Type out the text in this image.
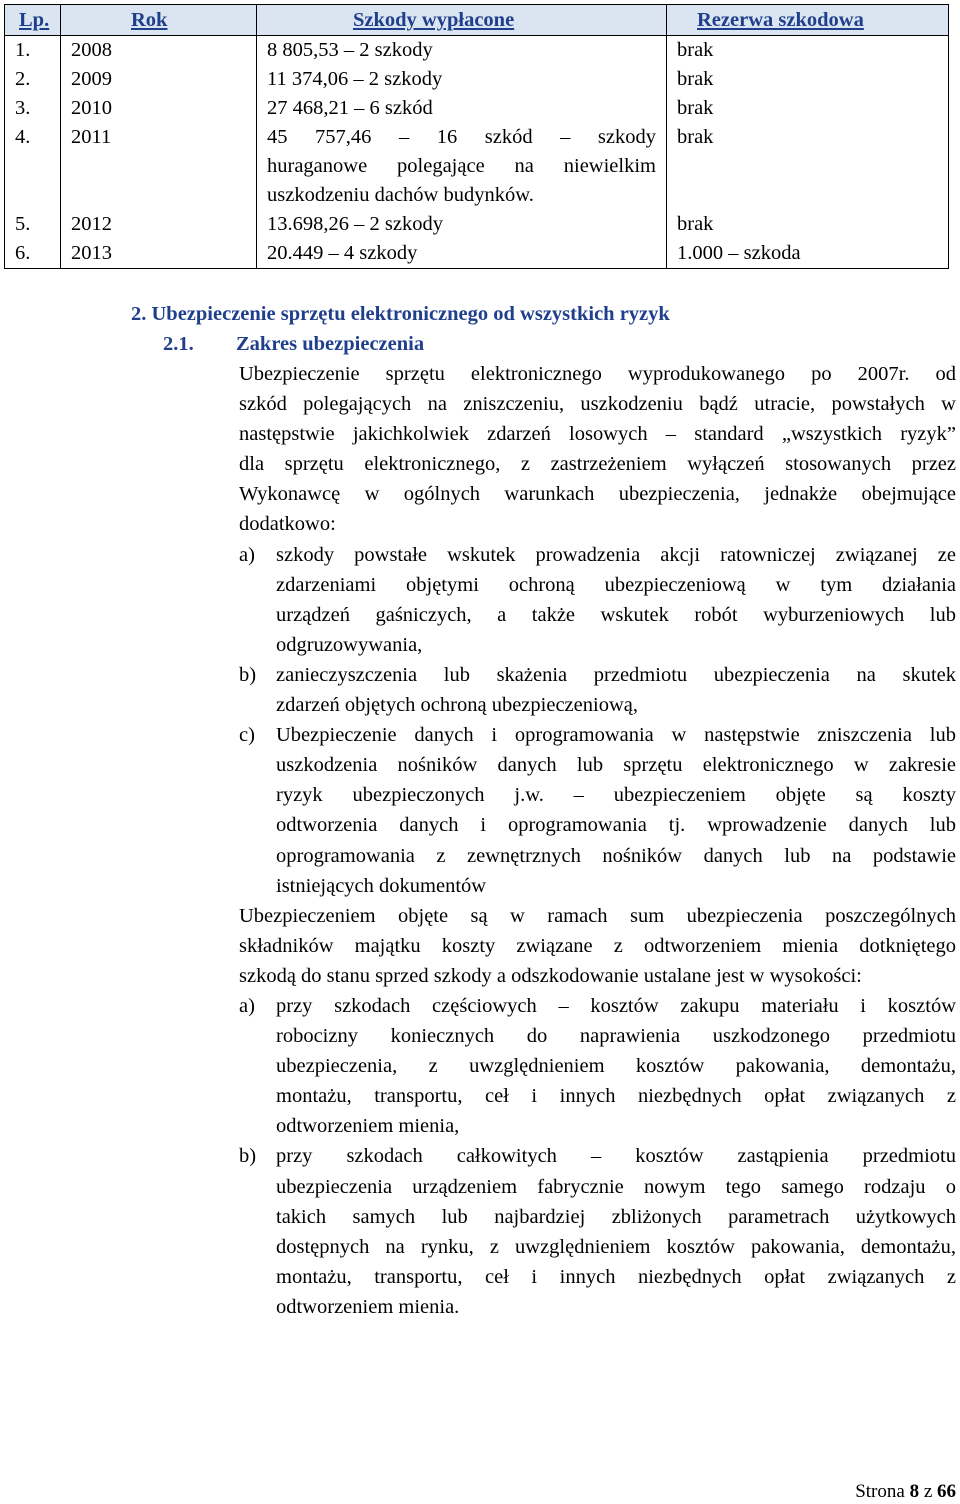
Lp.	Rok	Szkody wypłacone	Rezerwa szkodowa
1.	2008	8 805,53 – 2 szkody	brak
2.	2009	11 374,06 – 2 szkody	brak
3.	2010	27 468,21 – 6 szkód	brak
4.	2011	45 757,46 – 16 szkód – szkody
huraganowe polegające na niewielkim
uszkodzeniu dachów budynków.	brak
5.	2012	13.698,26 – 2 szkody	brak
6.	2013	20.449 – 4 szkody	1.000 – szkoda
2. Ubezpieczenie sprzętu elektronicznego od wszystkich ryzyk
2.1. Zakres ubezpieczenia
Ubezpieczenie sprzętu elektronicznego wyprodukowanego po 2007r. od
szkód polegających na zniszczeniu, uszkodzeniu bądź utracie, powstałych w
następstwie jakichkolwiek zdarzeń losowych – standard „wszystkich ryzyk”
dla sprzętu elektronicznego, z zastrzeżeniem wyłączeń stosowanych przez
Wykonawcę w ogólnych warunkach ubezpieczenia, jednakże obejmujące
dodatkowo:
a) szkody powstałe wskutek prowadzenia akcji ratowniczej związanej ze
zdarzeniami objętymi ochroną ubezpieczeniową w tym działania
urządzeń gaśniczych, a także wskutek robót wyburzeniowych lub
odgruzowywania,
b) zanieczyszczenia lub skażenia przedmiotu ubezpieczenia na skutek
zdarzeń objętych ochroną ubezpieczeniową,
c) Ubezpieczenie danych i oprogramowania w następstwie zniszczenia lub
uszkodzenia nośników danych lub sprzętu elektronicznego w zakresie
ryzyk ubezpieczonych j.w. – ubezpieczeniem objęte są koszty
odtworzenia danych i oprogramowania tj. wprowadzenie danych lub
oprogramowania z zewnętrznych nośników danych lub na podstawie
istniejących dokumentów
Ubezpieczeniem objęte są w ramach sum ubezpieczenia poszczególnych
składników majątku koszty związane z odtworzeniem mienia dotkniętego
szkodą do stanu sprzed szkody a odszkodowanie ustalane jest w wysokości:
a) przy szkodach częściowych – kosztów zakupu materiału i kosztów
robocizny koniecznych do naprawienia uszkodzonego przedmiotu
ubezpieczenia, z uwzględnieniem kosztów pakowania, demontażu,
montażu, transportu, ceł i innych niezbędnych opłat związanych z
odtworzeniem mienia,
b) przy szkodach całkowitych – kosztów zastąpienia przedmiotu
ubezpieczenia urządzeniem fabrycznie nowym tego samego rodzaju o
takich samych lub najbardziej zbliżonych parametrach użytkowych
dostępnych na rynku, z uwzględnieniem kosztów pakowania, demontażu,
montażu, transportu, ceł i innych niezbędnych opłat związanych z
odtworzeniem mienia.
Strona 8 z 66
